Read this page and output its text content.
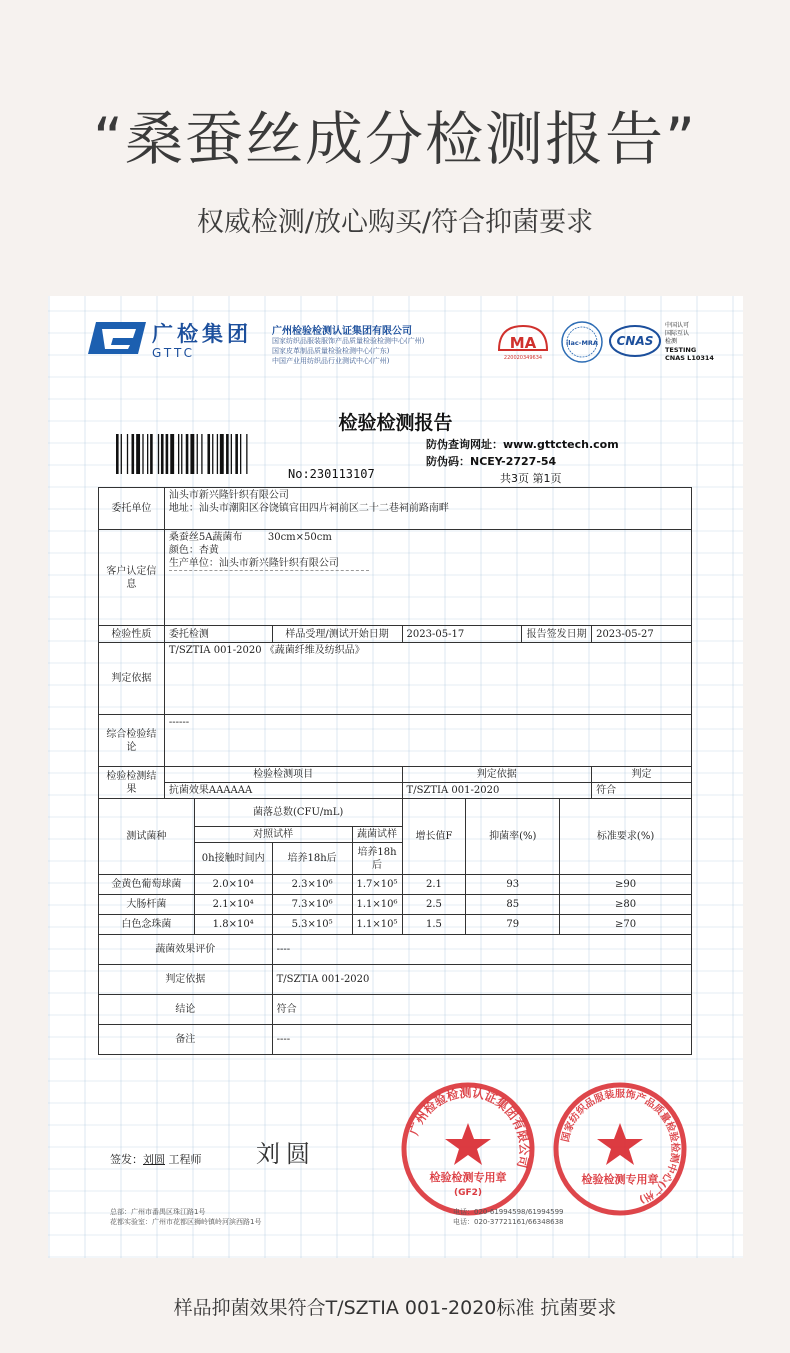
“桑蚕丝成分检测报告”
权威检测/放心购买/符合抑菌要求
广检集团
GTTC
广州检验检测认证集团有限公司
国家纺织品服装服饰产品质量检验检测中心(广州)
国家皮革制品质量检验检测中心(广东)
中国产业用纺织品行业测试中心(广州)
MA
2200203496​34
ilac-MRA CNAS
中国认可
国际互认
检测
TESTING
CNAS L10314
检验检测报告
No:230113107
防伪查询网址：www.gttctech.com
防伪码：NCEY-2727-54
共3页 第1页
委托单位	汕头市新兴隆针织有限公司
地址：汕头市潮阳区谷饶镇官田四片祠前区二十二巷祠前路南畔								

客户认定信息	桑蚕丝5A蔬菌布        30cm×50cm
颜色：杏黄
生产单位：汕头市新兴隆针织有限公司								
检验性质	委托检测		样品受理/测试开始日期		2023-05-17		报告签发日期		2023-05-27
判定依据	T/SZTIA 001-2020 《蔬菌纤维及纺织品》								
综合检验结论	------								
检验检测结果	检验检测项目				判定依据				判定
	抗菌效果AAAAAA				T/SZTIA 001-2020				符合
测试菌种		菌落总数(CFU/mL)			增长值F	抑菌率(%)		标准要求(%)	
		对照试样		蔬菌试样					
		0h接触时间内	培养18h后	培养18h后					
金黄色葡萄球菌		2.0×10⁴	2.3×10⁶	1.7×10⁵	2.1	93		≥90	
大肠杆菌		2.1×10⁴	7.3×10⁶	1.1×10⁶	2.5	85		≥80	
白色念珠菌		1.8×10⁴	5.3×10⁵	1.1×10⁵	1.5	79		≥70	
蔬菌效果评价			----						
判定依据			T/SZTIA 001-2020						
结论			符合						
备注			----						
签发：刘圆 工程师 刘圆
广州检验检测认证集团有限公司
检验检测专用章
(GF2)
国家纺织品服装服饰产品质量检验检测中心(广州)
检验检测专用章
总部：广州市番禺区珠江路1号
花都实验室：广州市花都区狮岭镇岭河滨西路1号
电话：020-61994598/61994599
电话：020-37721161/66348638
样品抑菌效果符合T/SZTIA 001-2020标准 抗菌要求
